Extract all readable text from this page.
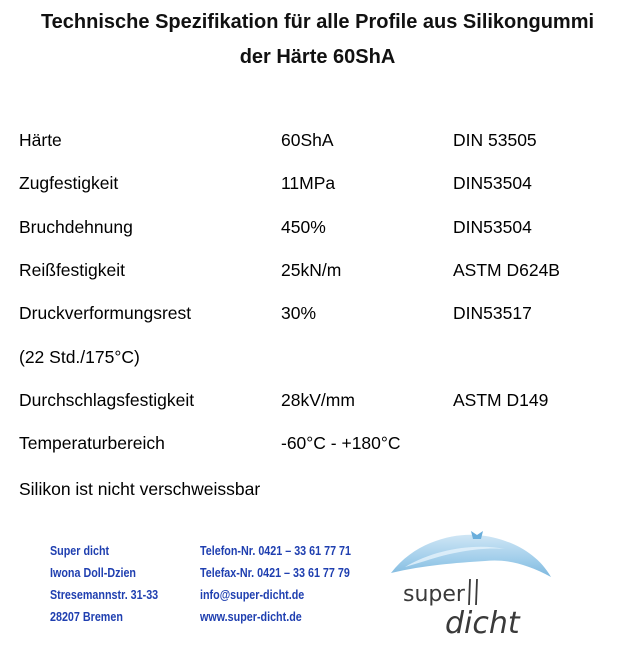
Technische Spezifikation für alle Profile aus Silikongummi
der Härte 60ShA
Härte	60ShA	DIN 53505
Zugfestigkeit	11MPa	DIN53504
Bruchdehnung	450%	DIN53504
Reißfestigkeit	25kN/m	ASTM D624B
Druckverformungsrest	30%	DIN53517
(22 Std./175°C)
Durchschlagsfestigkeit	28kV/mm	ASTM D149
Temperaturbereich	-60°C - +180°C
Silikon ist nicht verschweissbar
Super dicht
Iwona Doll-Dzien
Stresemannstr. 31-33
28207 Bremen
Telefon-Nr. 0421 – 33 61 77 71
Telefax-Nr. 0421 – 33 61 77 79
info@super-dicht.de
www.super-dicht.de
super
dicht
